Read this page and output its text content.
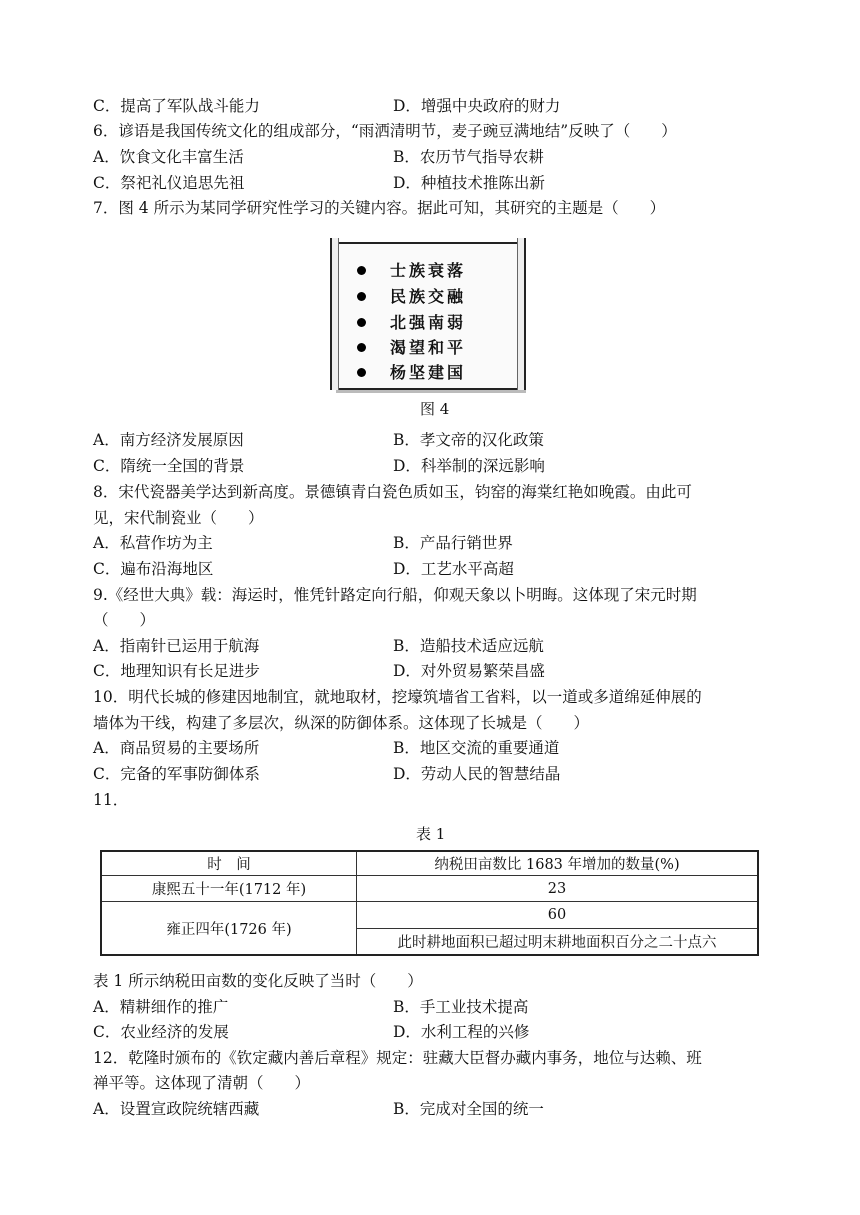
C．提高了军队战斗能力	D．增强中央政府的财力
6．谚语是我国传统文化的组成部分，“雨洒清明节，麦子豌豆满地结”反映了（　　）
A．饮食文化丰富生活	B．农历节气指导农耕
C．祭祀礼仪追思先祖	D．种植技术推陈出新
7．图 4 所示为某同学研究性学习的关键内容。据此可知，其研究的主题是（　　）
士族衰落
民族交融
北强南弱
渴望和平
杨坚建国
图 4
A．南方经济发展原因	B．孝文帝的汉化政策
C．隋统一全国的背景	D．科举制的深远影响
8．宋代瓷器美学达到新高度。景德镇青白瓷色质如玉，钧窑的海棠红艳如晚霞。由此可
见，宋代制瓷业（　　）
A．私营作坊为主	B．产品行销世界
C．遍布沿海地区	D．工艺水平高超
9.《经世大典》载：海运时，惟凭针路定向行船，仰观天象以卜明晦。这体现了宋元时期
（　　）
A．指南针已运用于航海	B．造船技术适应远航
C．地理知识有长足进步	D．对外贸易繁荣昌盛
10．明代长城的修建因地制宜，就地取材，挖壕筑墙省工省料，以一道或多道绵延伸展的
墙体为干线，构建了多层次，纵深的防御体系。这体现了长城是（　　）
A．商品贸易的主要场所	B．地区交流的重要通道
C．完备的军事防御体系	D．劳动人民的智慧结晶
11．
表 1
时　间	纳税田亩数比 1683 年增加的数量(%)
康熙五十一年(1712 年)	23
雍正四年(1726 年)	60
	此时耕地面积已超过明末耕地面积百分之二十点六
表 1 所示纳税田亩数的变化反映了当时（　　）
A．精耕细作的推广	B．手工业技术提高
C．农业经济的发展	D．水利工程的兴修
12．乾隆时颁布的《钦定藏内善后章程》规定：驻藏大臣督办藏内事务，地位与达赖、班
禅平等。这体现了清朝（　　）
A．设置宣政院统辖西藏	B．完成对全国的统一
